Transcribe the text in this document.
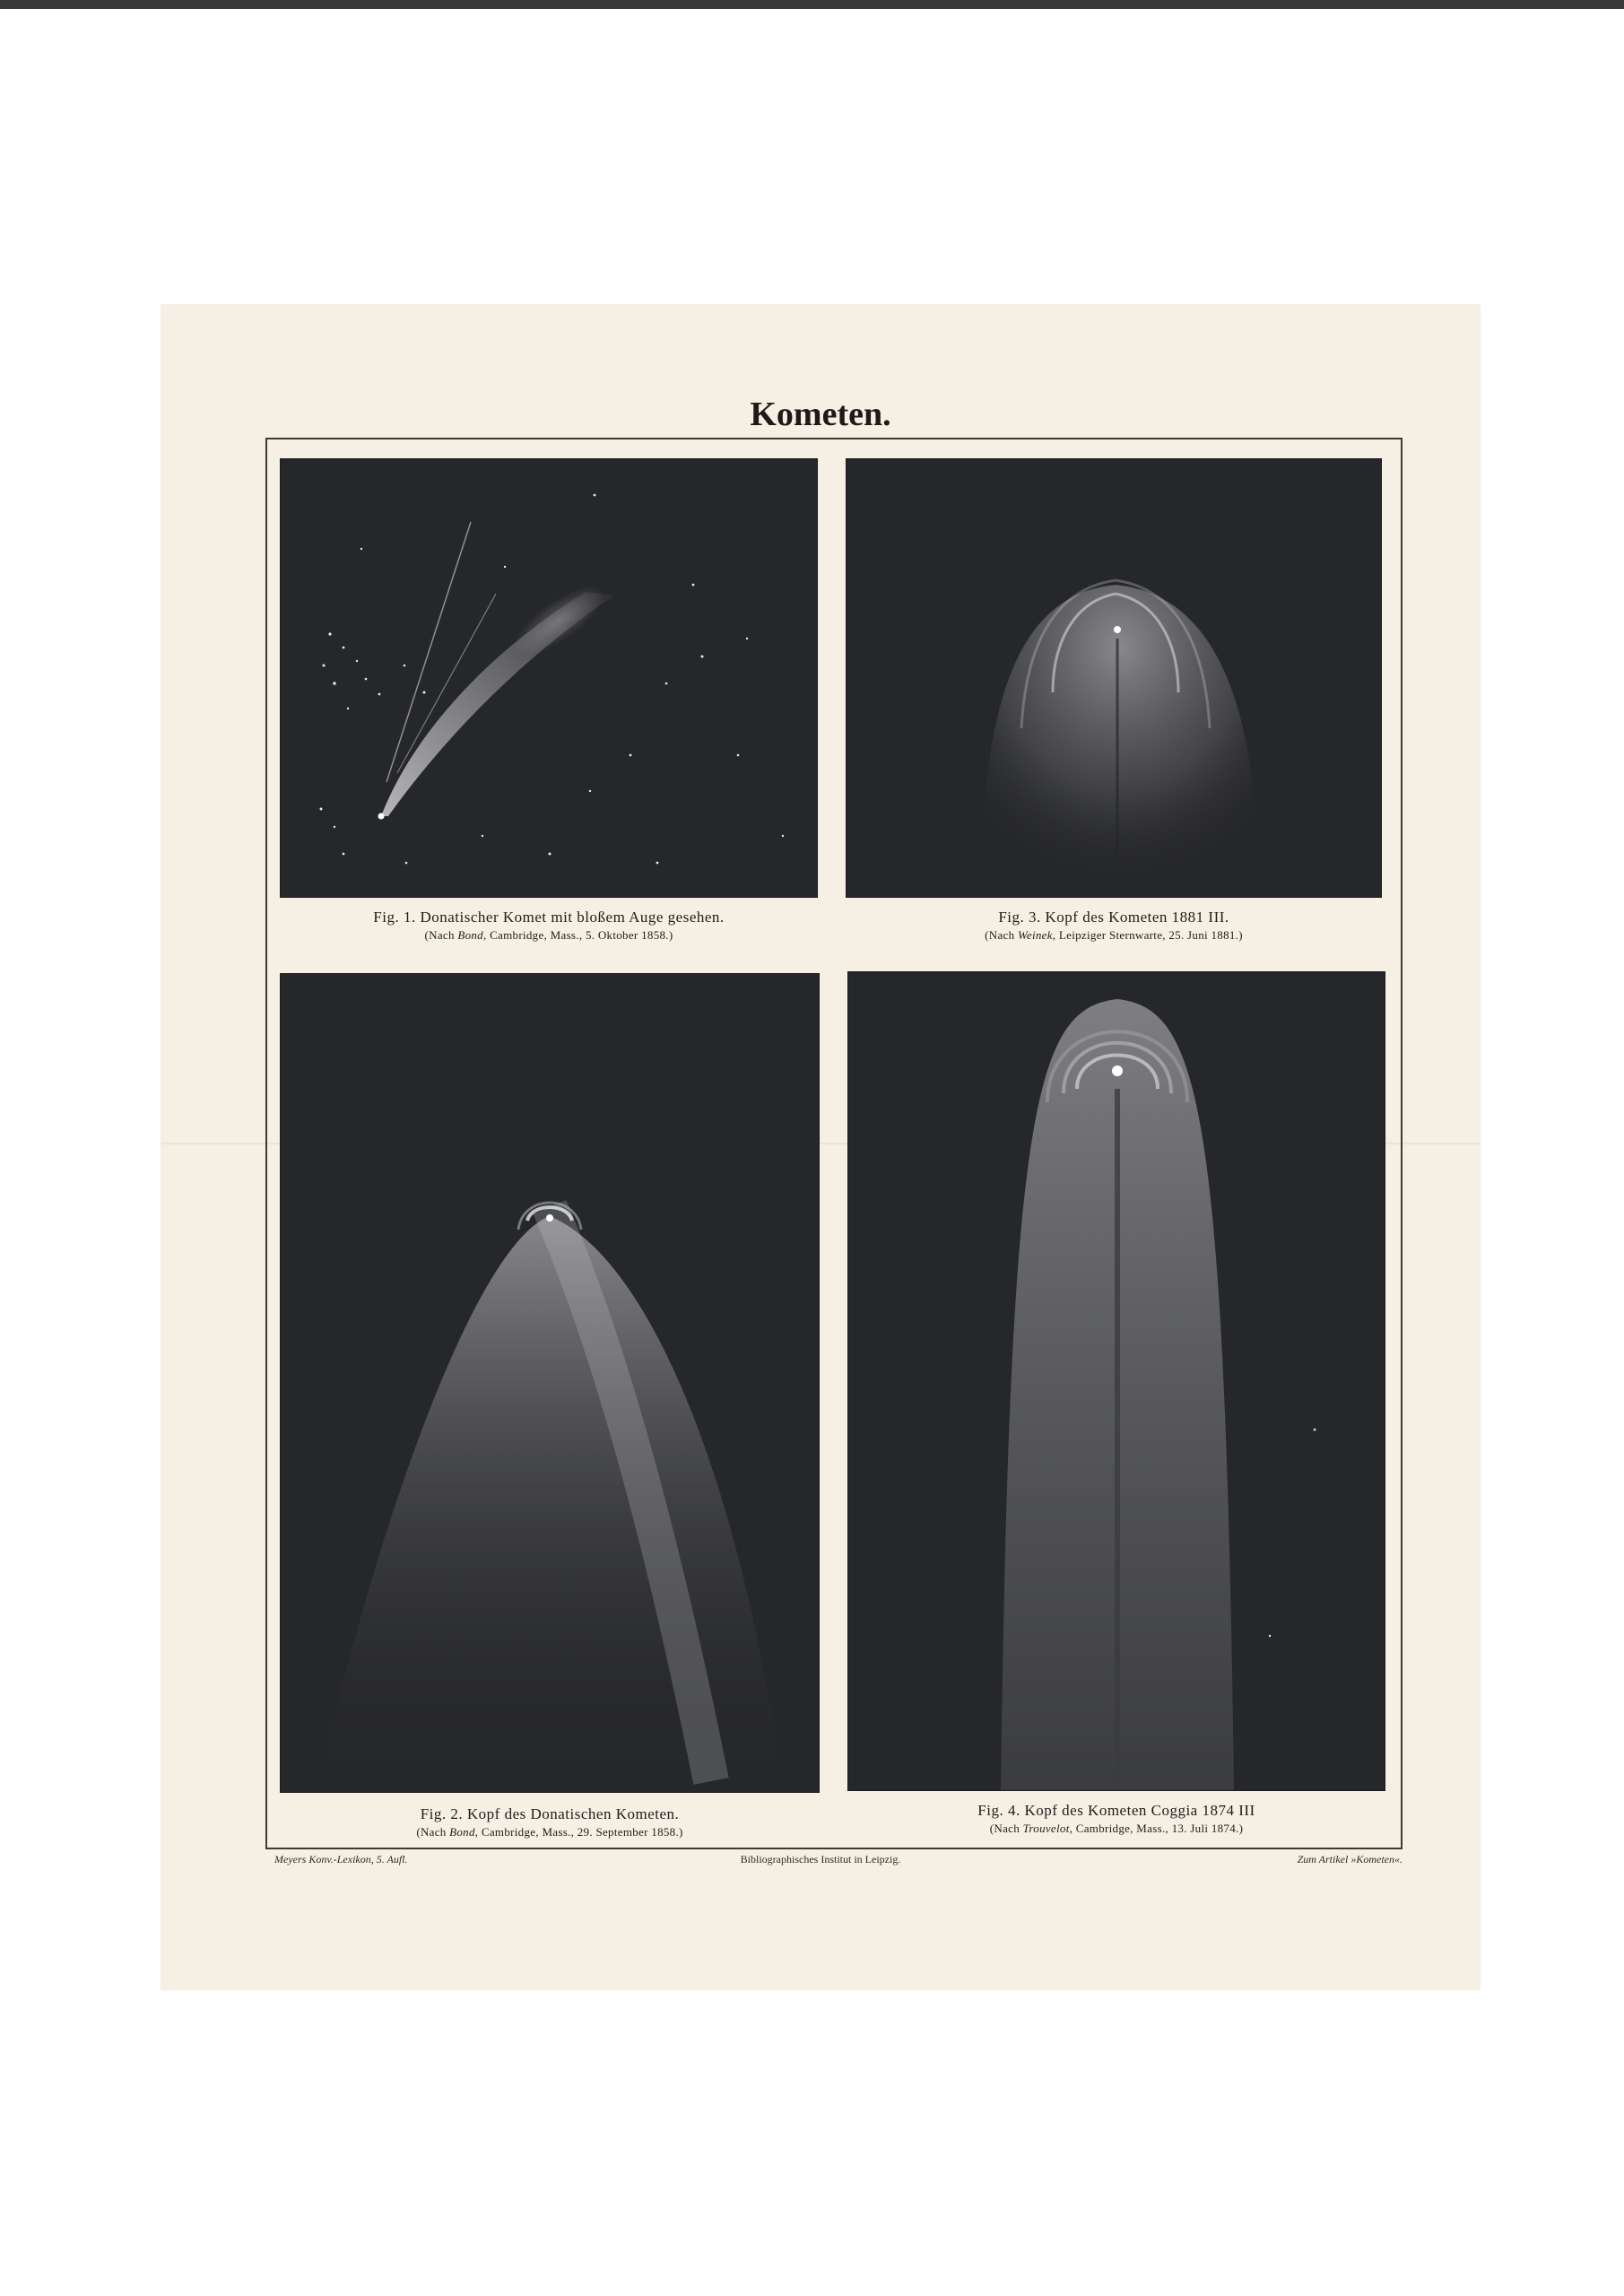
Kometen.
Fig. 1. Donatischer Komet mit bloßem Auge gesehen.
(Nach Bond, Cambridge, Mass., 5. Oktober 1858.)
Fig. 3. Kopf des Kometen 1881 III.
(Nach Weinek, Leipziger Sternwarte, 25. Juni 1881.)
Fig. 2. Kopf des Donatischen Kometen.
(Nach Bond, Cambridge, Mass., 29. September 1858.)
Fig. 4. Kopf des Kometen Coggia 1874 III
(Nach Trouvelot, Cambridge, Mass., 13. Juli 1874.)
Meyers Konv.-Lexikon, 5. Aufl.	Bibliographisches Institut in Leipzig.	Zum Artikel »Kometen«.
